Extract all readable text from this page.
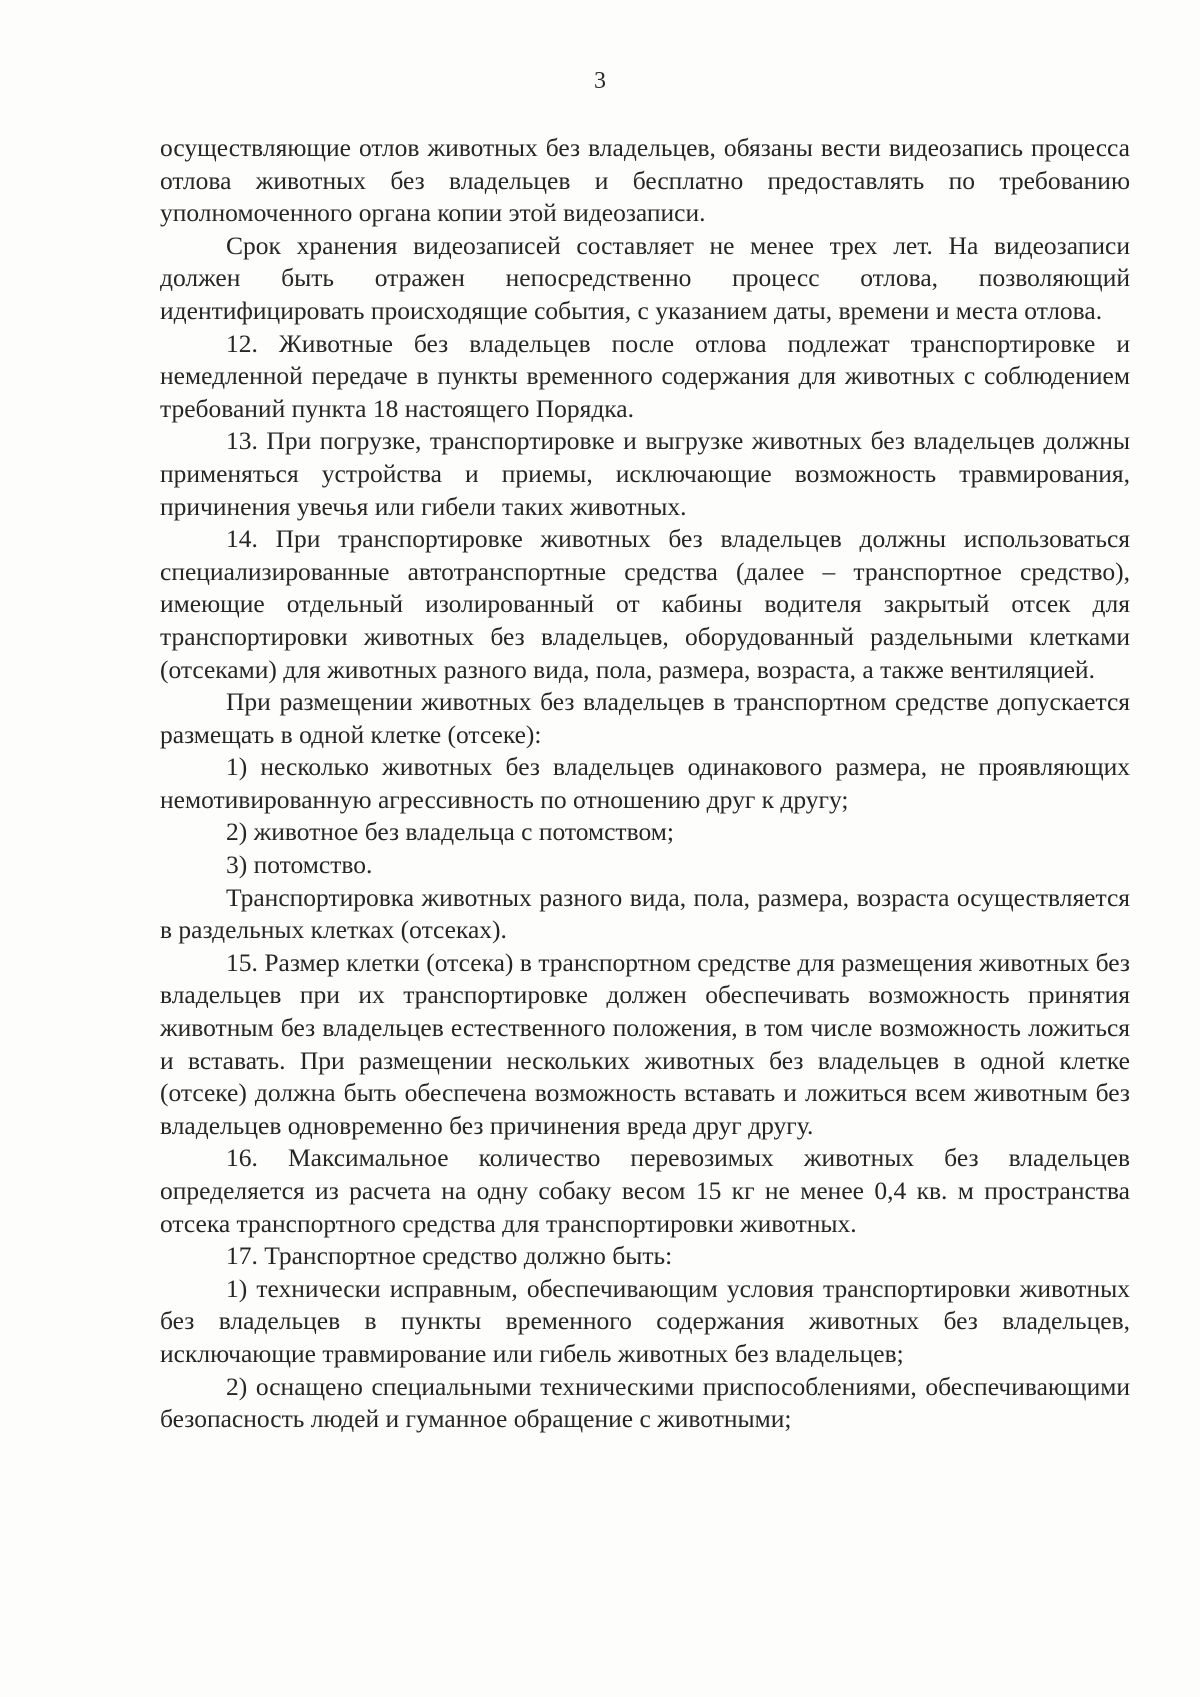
3

осуществляющие отлов животных без владельцев, обязаны вести видеозапись процесса отлова животных без владельцев и бесплатно предоставлять по требованию уполномоченного органа копии этой видеозаписи.

Срок хранения видеозаписей составляет не менее трех лет. На видеозаписи должен быть отражен непосредственно процесс отлова, позволяющий идентифицировать происходящие события, с указанием даты, времени и места отлова.

12. Животные без владельцев после отлова подлежат транспортировке и немедленной передаче в пункты временного содержания для животных с соблюдением требований пункта 18 настоящего Порядка.

13. При погрузке, транспортировке и выгрузке животных без владельцев должны применяться устройства и приемы, исключающие возможность травмирования, причинения увечья или гибели таких животных.

14. При транспортировке животных без владельцев должны использоваться специализированные автотранспортные средства (далее – транспортное средство), имеющие отдельный изолированный от кабины водителя закрытый отсек для транспортировки животных без владельцев, оборудованный раздельными клетками (отсеками) для животных разного вида, пола, размера, возраста, а также вентиляцией.

При размещении животных без владельцев в транспортном средстве допускается размещать в одной клетке (отсеке):

1) несколько животных без владельцев одинакового размера, не проявляющих немотивированную агрессивность по отношению друг к другу;

2) животное без владельца с потомством;

3) потомство.

Транспортировка животных разного вида, пола, размера, возраста осуществляется в раздельных клетках (отсеках).

15. Размер клетки (отсека) в транспортном средстве для размещения животных без владельцев при их транспортировке должен обеспечивать возможность принятия животным без владельцев естественного положения, в том числе возможность ложиться и вставать. При размещении нескольких животных без владельцев в одной клетке (отсеке) должна быть обеспечена возможность вставать и ложиться всем животным без владельцев одновременно без причинения вреда друг другу.

16. Максимальное количество перевозимых животных без владельцев определяется из расчета на одну собаку весом 15 кг не менее 0,4 кв. м пространства отсека транспортного средства для транспортировки животных.

17. Транспортное средство должно быть:

1) технически исправным, обеспечивающим условия транспортировки животных без владельцев в пункты временного содержания животных без владельцев, исключающие травмирование или гибель животных без владельцев;

2) оснащено специальными техническими приспособлениями, обеспечивающими безопасность людей и гуманное обращение с животными;
